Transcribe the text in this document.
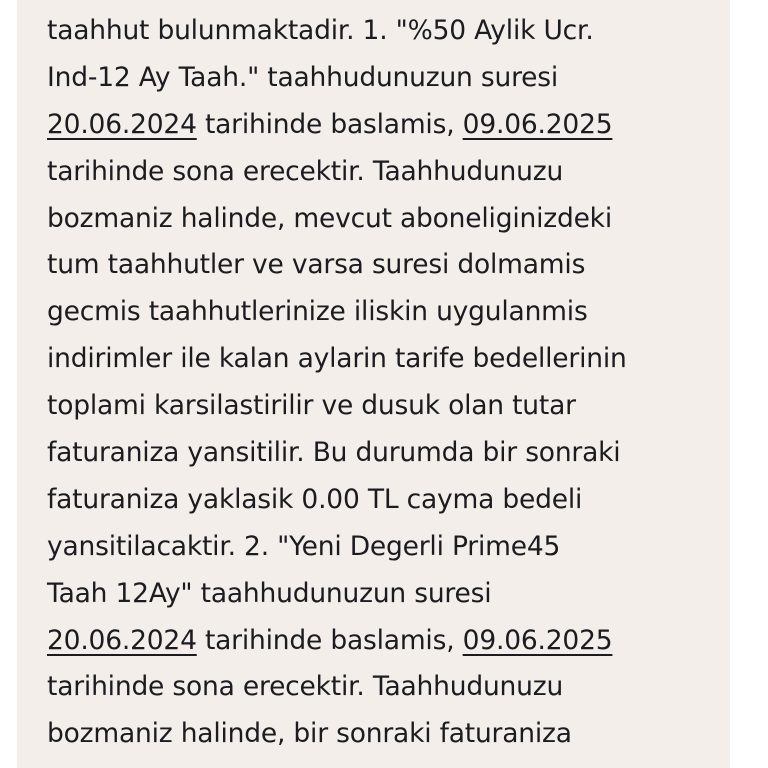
taahhut bulunmaktadir. 1. "%50 Aylik Ucr.
Ind-12 Ay Taah." taahhudunuzun suresi
20.06.2024 tarihinde baslamis, 09.06.2025
tarihinde sona erecektir. Taahhudunuzu
bozmaniz halinde, mevcut aboneliginizdeki
tum taahhutler ve varsa suresi dolmamis
gecmis taahhutlerinize iliskin uygulanmis
indirimler ile kalan aylarin tarife bedellerinin
toplami karsilastirilir ve dusuk olan tutar
faturaniza yansitilir. Bu durumda bir sonraki
faturaniza yaklasik 0.00 TL cayma bedeli
yansitilacaktir. 2. "Yeni Degerli Prime45
Taah 12Ay" taahhudunuzun suresi
20.06.2024 tarihinde baslamis, 09.06.2025
tarihinde sona erecektir. Taahhudunuzu
bozmaniz halinde, bir sonraki faturaniza
